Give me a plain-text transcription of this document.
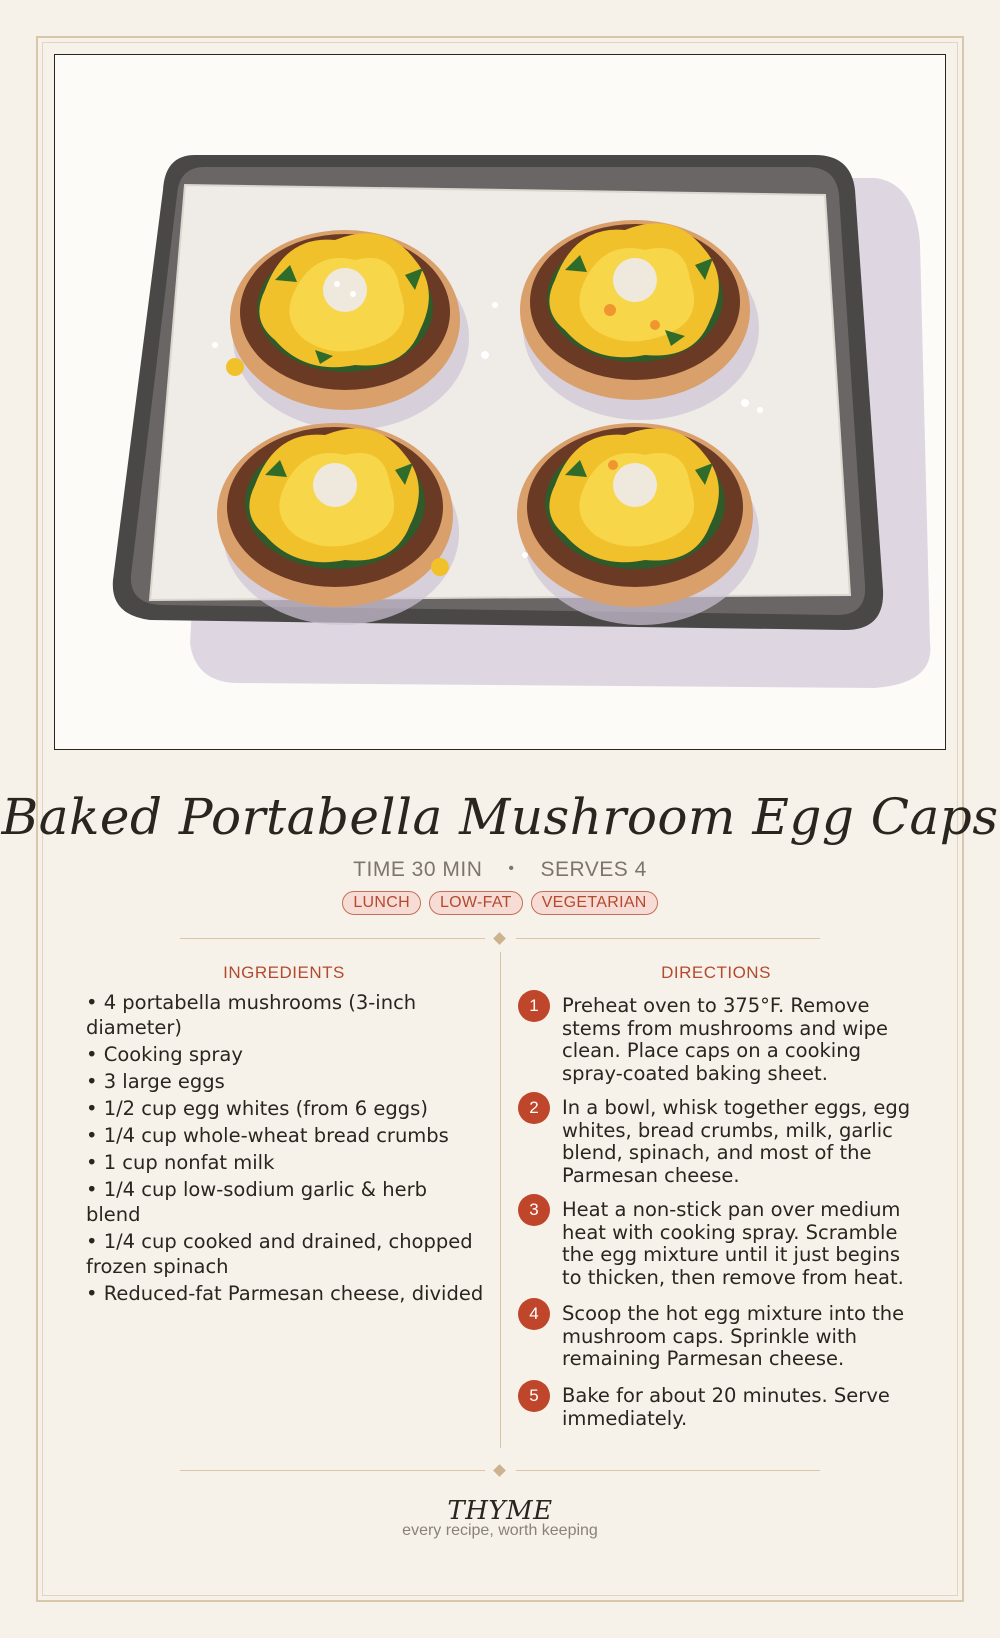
Baked Portabella Mushroom Egg Caps
TIME 30 MIN • SERVES 4
LUNCH LOW-FAT VEGETARIAN
INGREDIENTS
• 4 portabella mushrooms (3-inch diameter)
• Cooking spray
• 3 large eggs
• 1/2 cup egg whites (from 6 eggs)
• 1/4 cup whole-wheat bread crumbs
• 1 cup nonfat milk
• 1/4 cup low-sodium garlic & herb blend
• 1/4 cup cooked and drained, chopped frozen spinach
• Reduced-fat Parmesan cheese, divided
DIRECTIONS
1	Preheat oven to 375°F. Remove stems from mushrooms and wipe clean. Place caps on a cooking spray-coated baking sheet.
2	In a bowl, whisk together eggs, egg whites, bread crumbs, milk, garlic blend, spinach, and most of the Parmesan cheese.
3	Heat a non-stick pan over medium heat with cooking spray. Scramble the egg mixture until it just begins to thicken, then remove from heat.
4	Scoop the hot egg mixture into the mushroom caps. Sprinkle with remaining Parmesan cheese.
5	Bake for about 20 minutes. Serve immediately.
THYME
every recipe, worth keeping
